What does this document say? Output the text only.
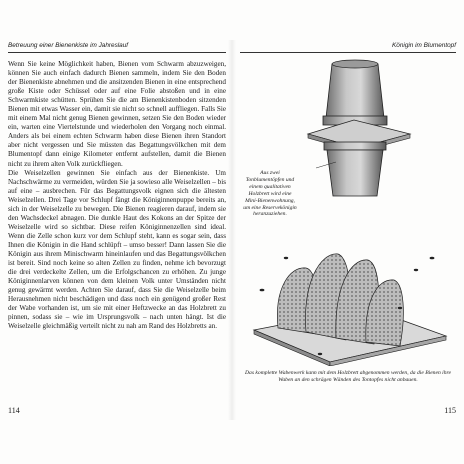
Betreuung einer Bienenkiste im Jahreslauf

Wenn Sie keine Möglichkeit haben, Bienen vom Schwarm abzuzweigen, können Sie auch einfach dadurch Bienen sammeln, indem Sie den Boden der Bienenkiste abnehmen und die ansitzenden Bienen in eine entsprechend große Kiste oder Schüssel oder auf eine Folie abstoßen und in eine Schwarmkiste schütten. Sprühen Sie die am Bienenkistenboden sitzenden Bienen mit etwas Wasser ein, damit sie nicht so schnell auffliegen. Falls Sie mit einem Mal nicht genug Bienen gewinnen, setzen Sie den Boden wieder ein, warten eine Viertelstunde und wiederholen den Vorgang noch einmal. Anders als bei einem echten Schwarm haben diese Bienen ihren Standort aber nicht vergessen und Sie müssten das Begattungsvölkchen mit dem Blumentopf dann einige Kilometer entfernt aufstellen, damit die Bienen nicht zu ihrem alten Volk zurückfliegen.

Die Weiselzellen gewinnen Sie einfach aus der Bienenkiste. Um Nachschwärme zu vermeiden, würden Sie ja sowieso alle Weiselzellen – bis auf eine – ausbrechen. Für das Begattungsvolk eignen sich die ältesten Weiselzellen. Drei Tage vor Schlupf fängt die Königinnenpuppe bereits an, sich in der Weiselzelle zu bewegen. Die Bienen reagieren darauf, indem sie den Wachsdeckel abnagen. Die dunkle Haut des Kokons an der Spitze der Weiselzelle wird so sichtbar. Diese reifen Königinnenzellen sind ideal. Wenn die Zelle schon kurz vor dem Schlupf steht, kann es sogar sein, dass Ihnen die Königin in die Hand schlüpft – umso besser! Dann lassen Sie die Königin aus ihrem Minischwarm hineinlaufen und das Begattungsvölkchen ist bereit. Sind noch keine so alten Zellen zu finden, nehme ich bevorzugt die drei verdeckelte Zellen, um die Erfolgschancen zu erhöhen. Zu junge Königinnenlarven können von dem kleinen Volk unter Umständen nicht genug gewärmt werden. Achten Sie darauf, dass Sie die Weiselzelle beim Herausnehmen nicht beschädigen und dass noch ein genügend großer Rest der Wabe vorhanden ist, um sie mit einer Heftzwecke an das Holzbrett zu pinnen, sodass sie – wie im Ursprungsvolk – nach unten hängt. Ist die Weiselzelle gleichmäßig verteilt nicht zu nah am Rand des Holzbretts an.

114
Königin im Blumentopf
Aus zwei Tonblumentöpfen und einem qualitativen Holzbrett wird eine Mini-Bienenwohnung, um eine Reservekönigin heranzuziehen.
Das komplette Wabenwerk kann mit dem Holzbrett abgenommen werden, da die Bienen ihre Waben an den schrägen Wänden des Tontopfes nicht anbauen.
115
